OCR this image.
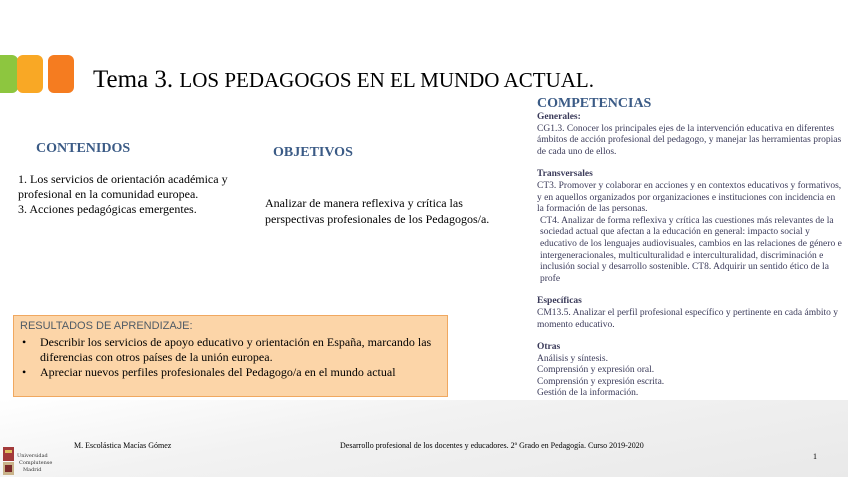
Tema 3. LOS PEDAGOGOS EN EL MUNDO ACTUAL.
CONTENIDOS
1. Los servicios de orientación académica y profesional en la comunidad europea.
3. Acciones pedagógicas emergentes.
OBJETIVOS
Analizar de manera reflexiva y crítica las perspectivas profesionales de los Pedagogos/a.
COMPETENCIAS

Generales:

CG1.3. Conocer los principales ejes de la intervención educativa en diferentes ámbitos de acción profesional del pedagogo, y manejar las herramientas propias de cada uno de ellos.

Transversales

CT3. Promover y colaborar en acciones y en contextos educativos y formativos, y en aquellos organizados por organizaciones e instituciones con incidencia en la formación de las personas.

CT4. Analizar de forma reflexiva y crítica las cuestiones más relevantes de la sociedad actual que afectan a la educación en general: impacto social y educativo de los lenguajes audiovisuales, cambios en las relaciones de género e intergeneracionales, multiculturalidad e interculturalidad, discriminación e inclusión social y desarrollo sostenible. CT8. Adquirir un sentido ético de la profe

Específicas

CM13.5. Analizar el perfil profesional específico y pertinente en cada ámbito y momento educativo.

Otras

Análisis y síntesis.

Comprensión y expresión oral.

Comprensión y expresión escrita.

Gestión de la información.

RESULTADOS DE APRENDIZAJE:
• Describir los servicios de apoyo educativo y orientación en España, marcando las diferencias con otros países de la unión europea.
• Apreciar nuevos perfiles profesionales del Pedagogo/a en el mundo actual
Universidad
Complutense
Madrid
M. Escolástica Macías Gómez	Desarrollo profesional de los docentes y educadores. 2º Grado en Pedagogía. Curso 2019-2020
1
